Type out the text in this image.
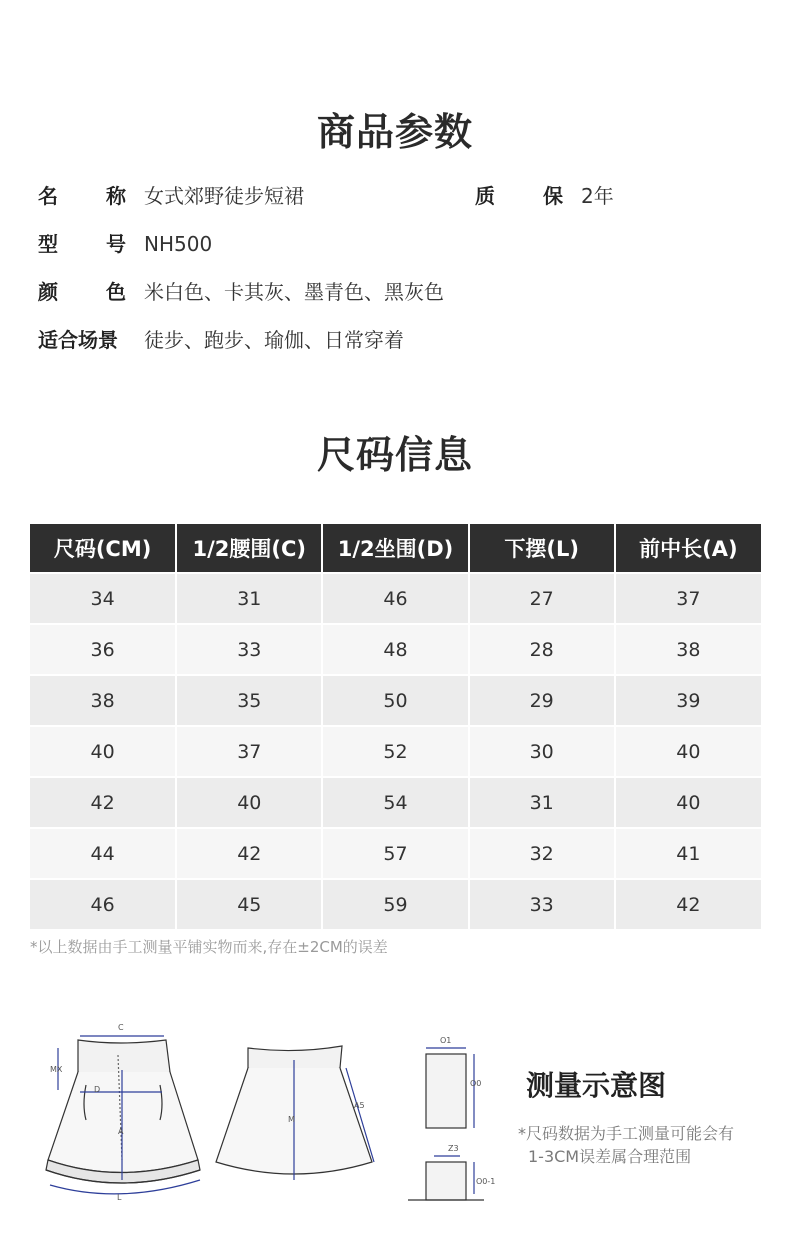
商品参数
名称 女式郊野徒步短裙	质保 2年
型号 NH500
颜色 米白色、卡其灰、墨青色、黑灰色
适合场景 徒步、跑步、瑜伽、日常穿着
尺码信息
尺码(CM)	1/2腰围(C)	1/2坐围(D)	下摆(L)	前中长(A)
34	31	46	27	37
36	33	48	28	38
38	35	50	29	39
40	37	52	30	40
42	40	54	31	40
44	42	57	32	41
46	45	59	33	42
*以上数据由手工测量平铺实物而来,存在±2CM的误差
C
MX
D
A
L
M
A5
O1
O0
Z3
O0-1
测量示意图
*尺码数据为手工测量可能会有
1-3CM误差属合理范围
